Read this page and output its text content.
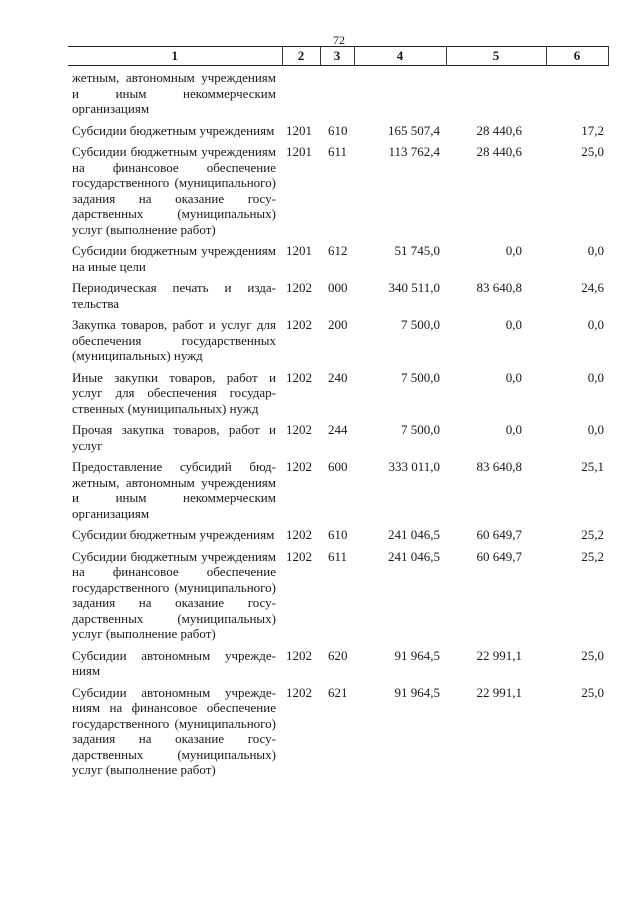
72
1	2	3	4	5	6
жетным, автономным учреждениям и иным некоммерческим организациям					
Субсидии бюджетным учреждениям	1201	610	165 507,4	28 440,6	17,2
Субсидии бюджетным учреждениям на финансовое обеспечение государственного (муниципального) задания на оказание государственных (муниципальных) услуг (выполнение работ)	1201	611	113 762,4	28 440,6	25,0
Субсидии бюджетным учреждениям на иные цели	1201	612	51 745,0	0,0	0,0
Периодическая печать и издательства	1202	000	340 511,0	83 640,8	24,6
Закупка товаров, работ и услуг для обеспечения государственных (муниципальных) нужд	1202	200	7 500,0	0,0	0,0
Иные закупки товаров, работ и услуг для обеспечения государственных (муниципальных) нужд	1202	240	7 500,0	0,0	0,0
Прочая закупка товаров, работ и услуг	1202	244	7 500,0	0,0	0,0
Предоставление субсидий бюджетным, автономным учреждениям и иным некоммерческим организациям	1202	600	333 011,0	83 640,8	25,1
Субсидии бюджетным учреждениям	1202	610	241 046,5	60 649,7	25,2
Субсидии бюджетным учреждениям на финансовое обеспечение государственного (муниципального) задания на оказание государственных (муниципальных) услуг (выполнение работ)	1202	611	241 046,5	60 649,7	25,2
Субсидии автономным учреждениям	1202	620	91 964,5	22 991,1	25,0
Субсидии автономным учреждениям на финансовое обеспечение государственного (муниципального) задания на оказание государственных (муниципальных) услуг (выполнение работ)	1202	621	91 964,5	22 991,1	25,0
